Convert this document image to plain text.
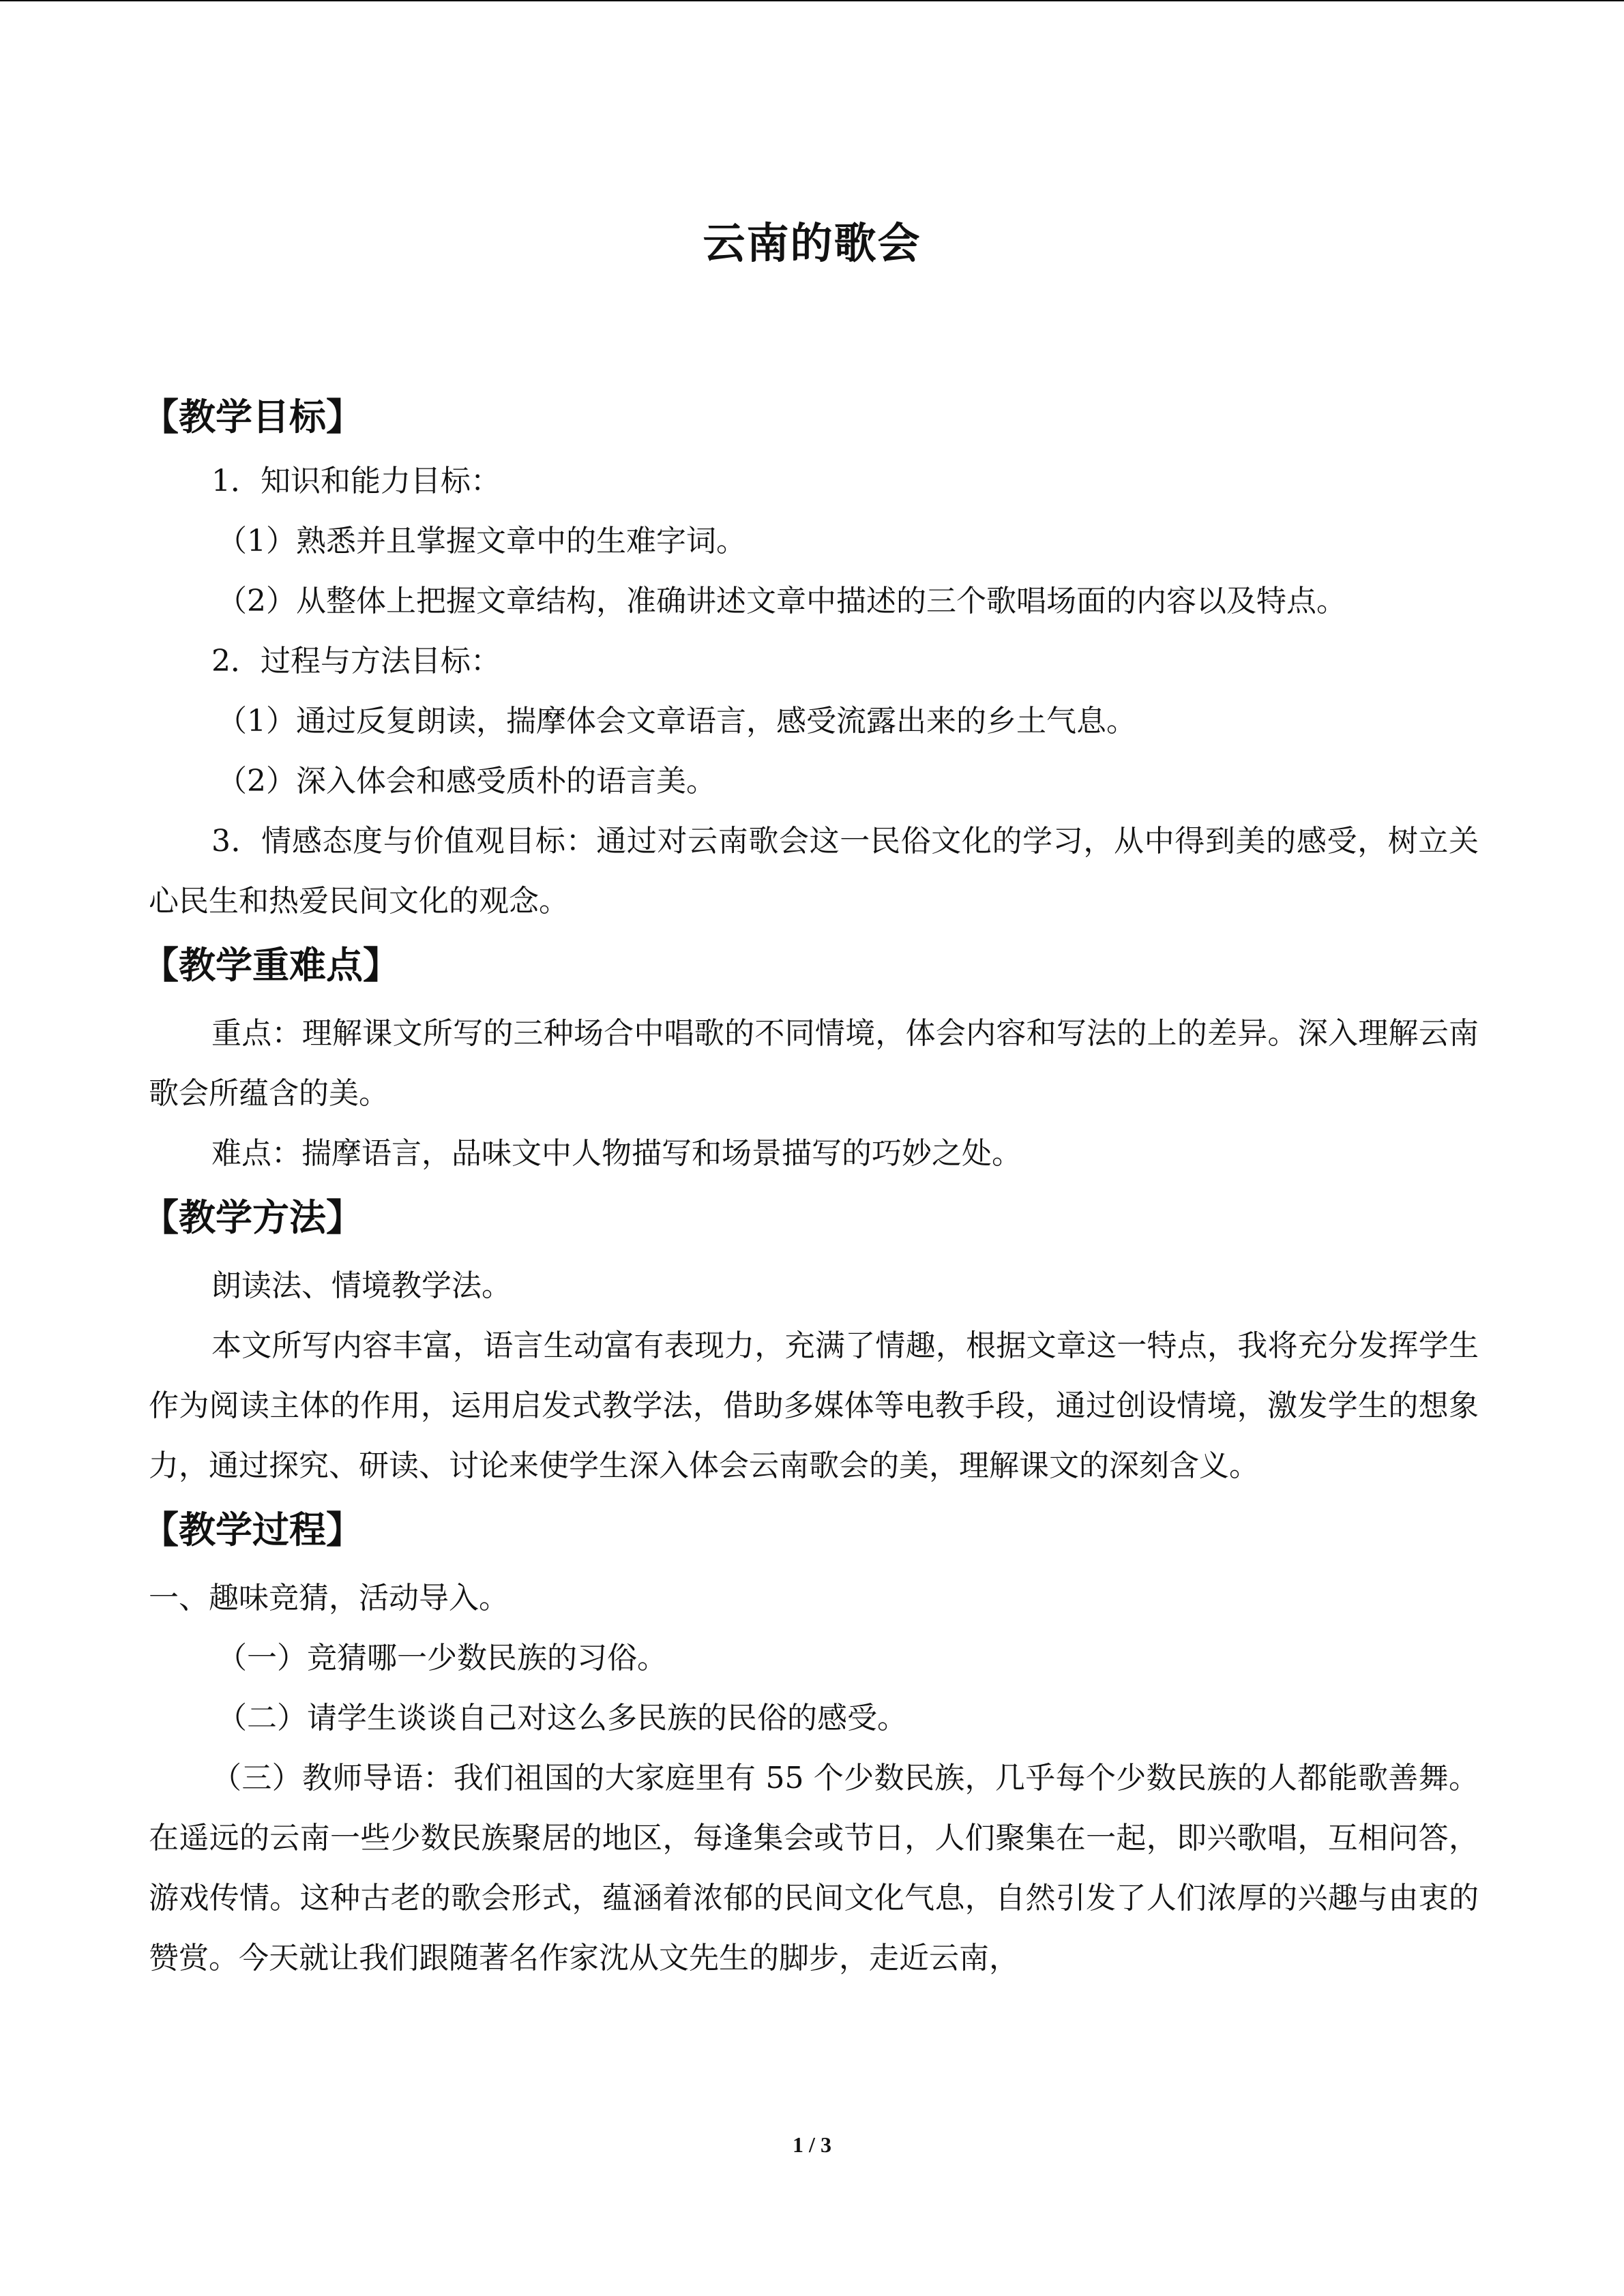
云南的歌会
【教学目标】
1．知识和能力目标：
（1）熟悉并且掌握文章中的生难字词。
（2）从整体上把握文章结构，准确讲述文章中描述的三个歌唱场面的内容以及特点。
2．过程与方法目标：
（1）通过反复朗读，揣摩体会文章语言，感受流露出来的乡土气息。
（2）深入体会和感受质朴的语言美。
3．情感态度与价值观目标：通过对云南歌会这一民俗文化的学习，从中得到美的感受，树立关心民生和热爱民间文化的观念。
【教学重难点】
重点：理解课文所写的三种场合中唱歌的不同情境，体会内容和写法的上的差异。深入理解云南歌会所蕴含的美。
难点：揣摩语言，品味文中人物描写和场景描写的巧妙之处。
【教学方法】
朗读法、情境教学法。
本文所写内容丰富，语言生动富有表现力，充满了情趣，根据文章这一特点，我将充分发挥学生作为阅读主体的作用，运用启发式教学法，借助多媒体等电教手段，通过创设情境，激发学生的想象力，通过探究、研读、讨论来使学生深入体会云南歌会的美，理解课文的深刻含义。
【教学过程】
一、趣味竞猜，活动导入。
（一）竞猜哪一少数民族的习俗。
（二）请学生谈谈自己对这么多民族的民俗的感受。
（三）教师导语：我们祖国的大家庭里有 55 个少数民族，几乎每个少数民族的人都能歌善舞。在遥远的云南一些少数民族聚居的地区，每逢集会或节日，人们聚集在一起，即兴歌唱，互相问答，游戏传情。这种古老的歌会形式，蕴涵着浓郁的民间文化气息，自然引发了人们浓厚的兴趣与由衷的赞赏。今天就让我们跟随著名作家沈从文先生的脚步，走近云南，
1 / 3
